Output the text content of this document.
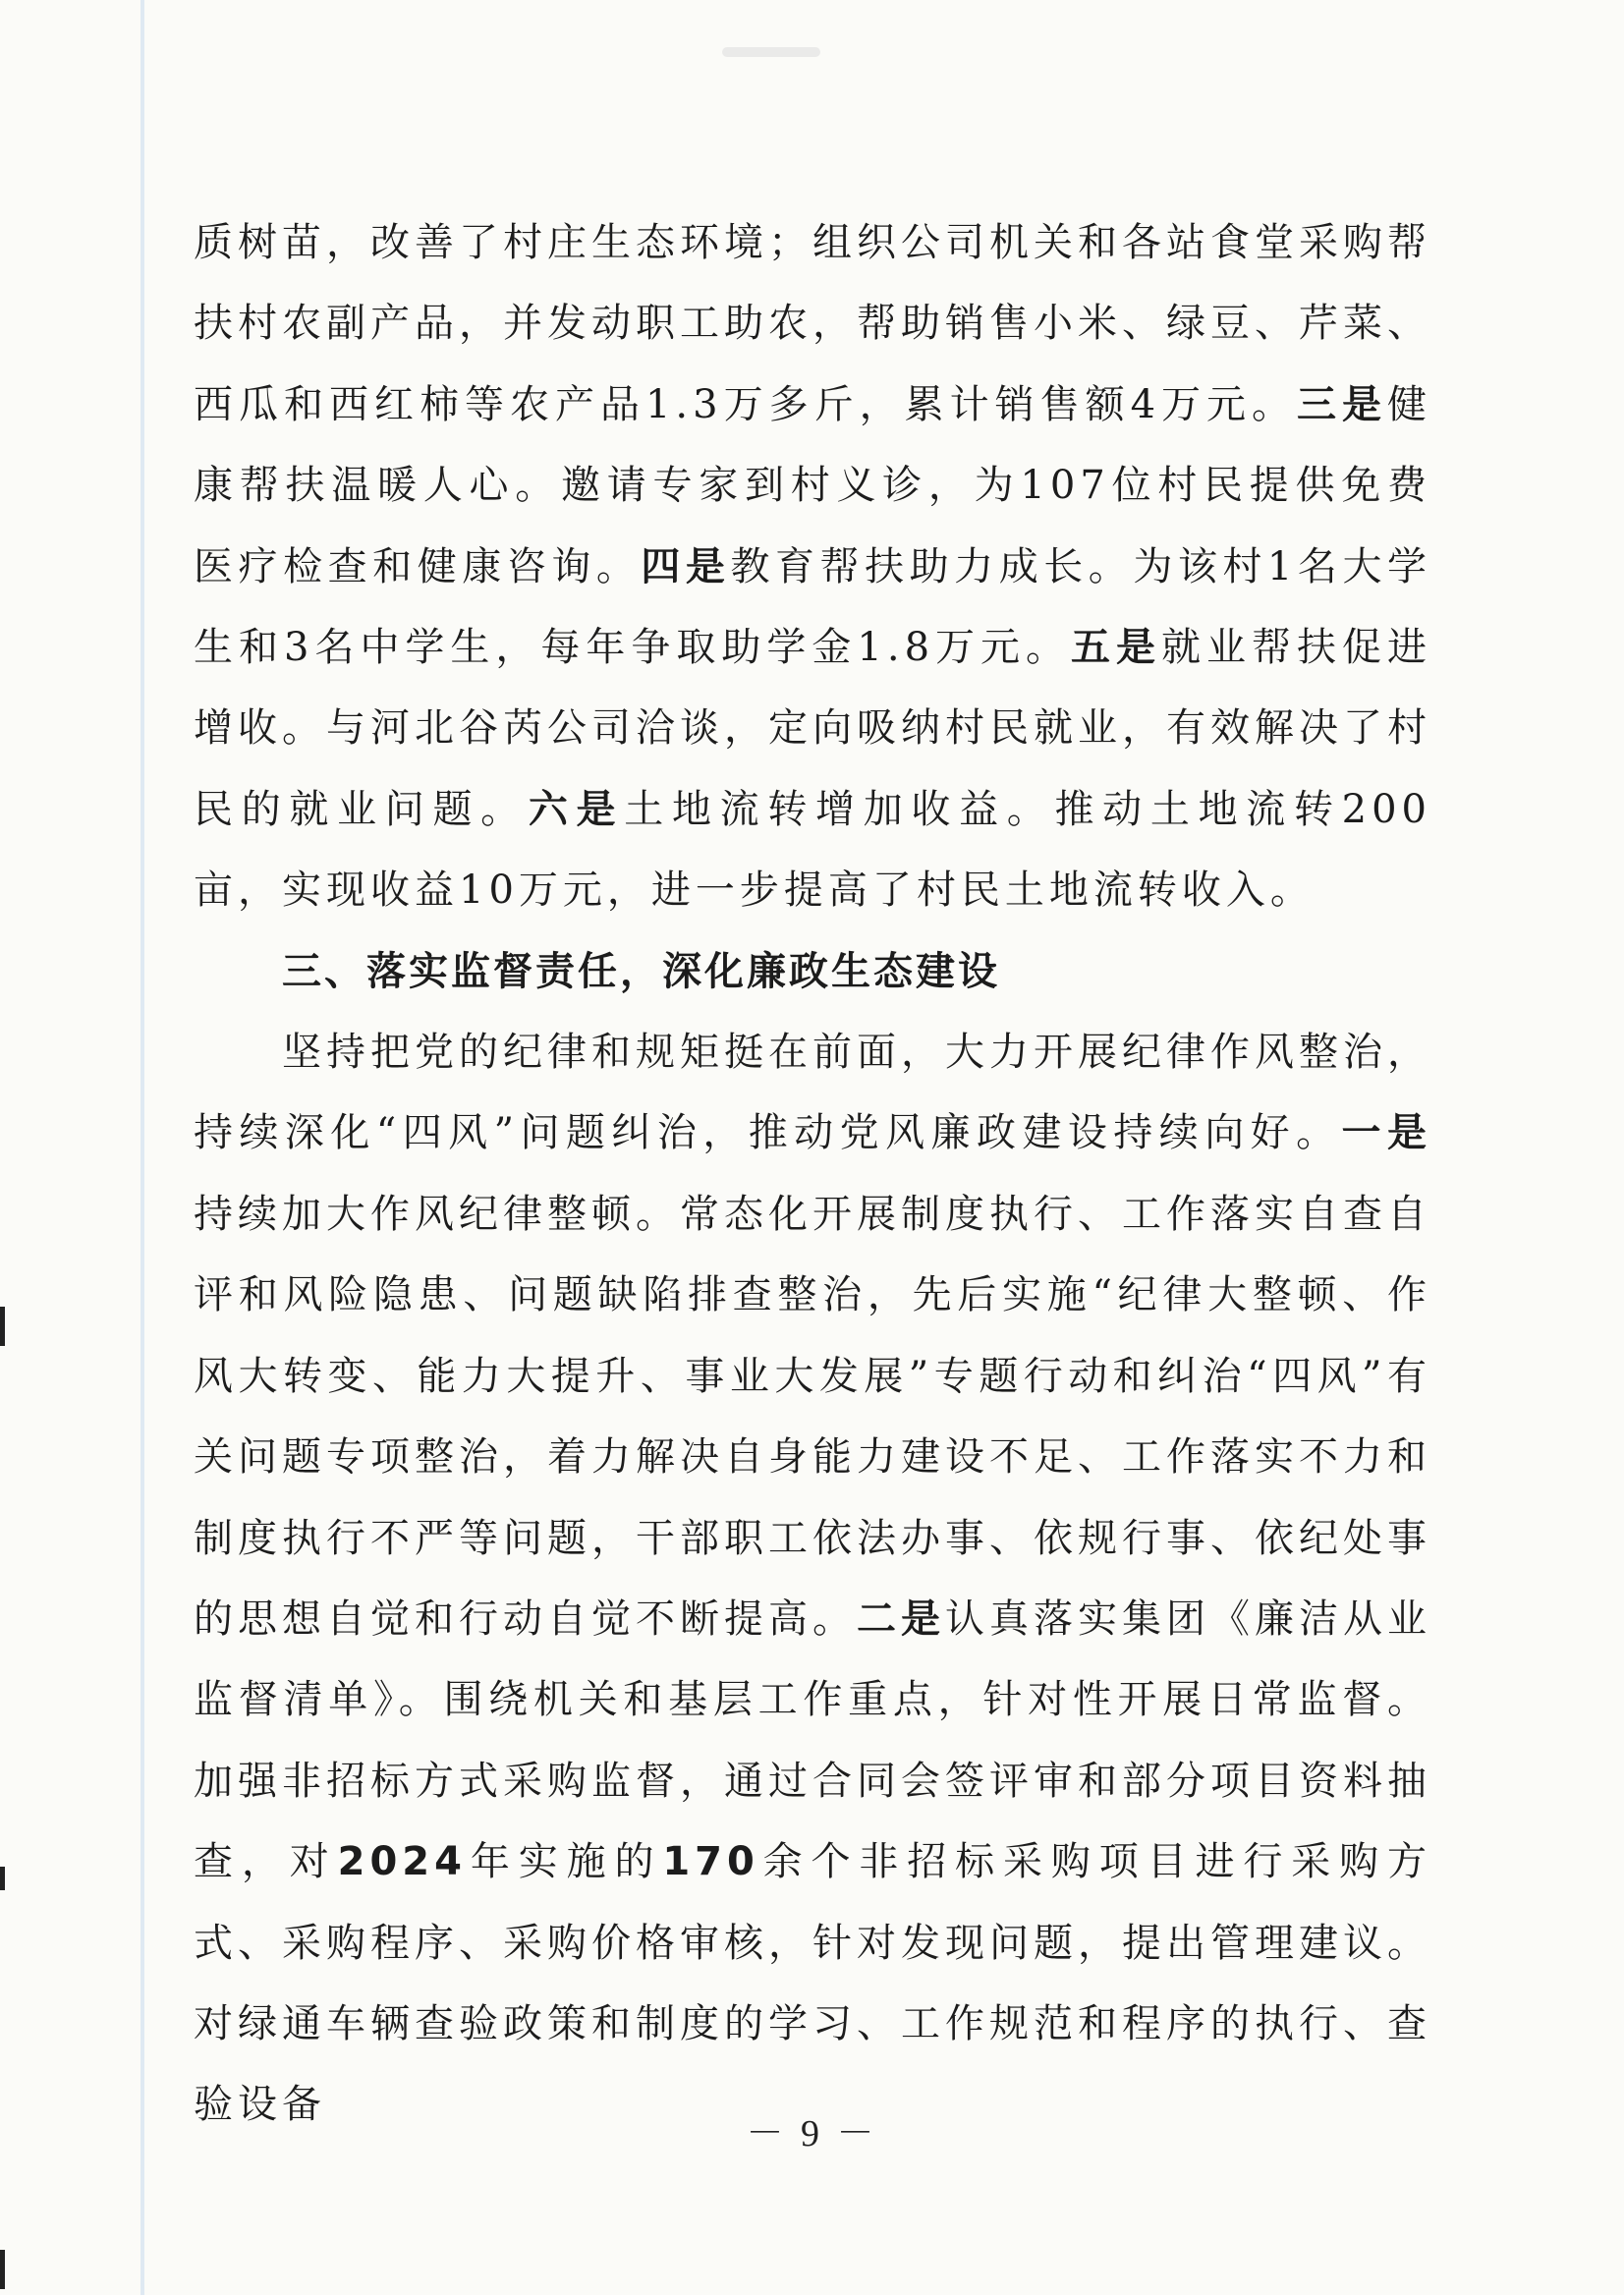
质树苗，改善了村庄生态环境；组织公司机关和各站食堂采购帮扶村农副产品，并发动职工助农，帮助销售小米、绿豆、芹菜、西瓜和西红柿等农产品1.3万多斤，累计销售额4万元。三是健康帮扶温暖人心。邀请专家到村义诊，为107位村民提供免费医疗检查和健康咨询。四是教育帮扶助力成长。为该村1名大学生和3名中学生，每年争取助学金1.8万元。五是就业帮扶促进增收。与河北谷芮公司洽谈，定向吸纳村民就业，有效解决了村民的就业问题。六是土地流转增加收益。推动土地流转200亩，实现收益10万元，进一步提高了村民土地流转收入。

三、落实监督责任，深化廉政生态建设

坚持把党的纪律和规矩挺在前面，大力开展纪律作风整治，持续深化“四风”问题纠治，推动党风廉政建设持续向好。一是持续加大作风纪律整顿。常态化开展制度执行、工作落实自查自评和风险隐患、问题缺陷排查整治，先后实施“纪律大整顿、作风大转变、能力大提升、事业大发展”专题行动和纠治“四风”有关问题专项整治，着力解决自身能力建设不足、工作落实不力和制度执行不严等问题，干部职工依法办事、依规行事、依纪处事的思想自觉和行动自觉不断提高。二是认真落实集团《廉洁从业监督清单》。围绕机关和基层工作重点，针对性开展日常监督。加强非招标方式采购监督，通过合同会签评审和部分项目资料抽查，对2024年实施的170余个非招标采购项目进行采购方式、采购程序、采购价格审核，针对发现问题，提出管理建议。对绿通车辆查验政策和制度的学习、工作规范和程序的执行、查验设备

－ 9 －
